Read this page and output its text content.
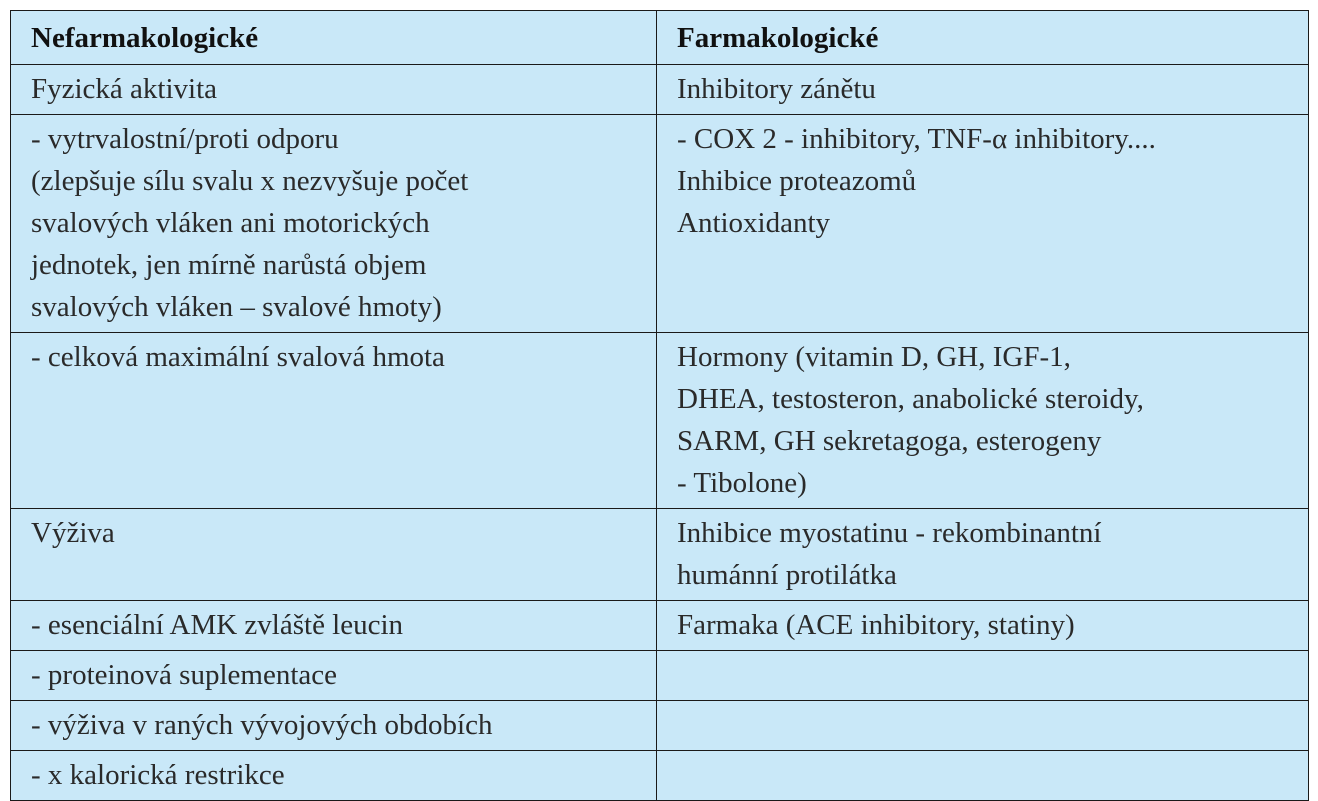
Nefarmakologické	Farmakologické

Fyzická aktivita	Inhibitory zánětu

- vytrvalostní/proti odporu
(zlepšuje sílu svalu x nezvyšuje počet
svalových vláken ani motorických
jednotek, jen mírně narůstá objem
svalových vláken – svalové hmoty)	- COX 2 - inhibitory, TNF-α inhibitory....
Inhibice proteazomů
Antioxidanty

- celková maximální svalová hmota	Hormony (vitamin D, GH, IGF-1,
DHEA, testosteron, anabolické steroidy,
SARM, GH sekretagoga, esterogeny
- Tibolone)

Výživa	Inhibice myostatinu - rekombinantní
humánní protilátka

- esenciální AMK zvláště leucin	Farmaka (ACE inhibitory, statiny)

- proteinová suplementace	

- výživa v raných vývojových obdobích	

- x kalorická restrikce	
